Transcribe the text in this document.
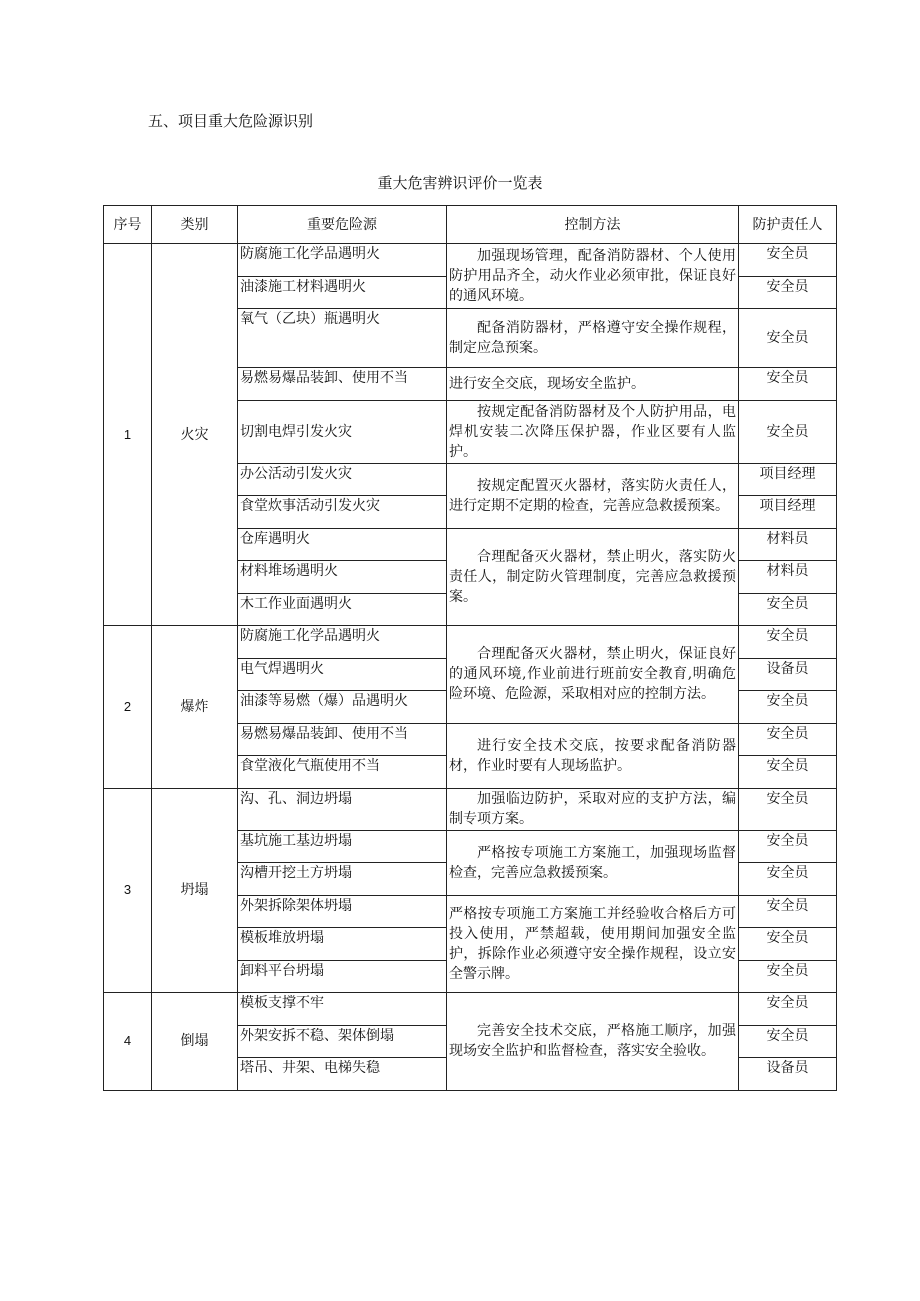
五、项目重大危险源识别
重大危害辨识评价一览表
序号	类别	重要危险源	控制方法	防护责任人
1	火灾	防腐施工化学品遇明火	加强现场管理，配备消防器材、个人使用防护用品齐全，动火作业必须审批，保证良好的通风环境。	安全员
		油漆施工材料遇明火		安全员
		氧气（乙块）瓶遇明火	配备消防器材，严格遵守安全操作规程，制定应急预案。	安全员
		易燃易爆品装卸、使用不当	进行安全交底，现场安全监护。	安全员
		切割电焊引发火灾	按规定配备消防器材及个人防护用品，电焊机安装二次降压保护器，作业区要有人监护。	安全员
		办公活动引发火灾	按规定配置灭火器材，落实防火责任人，进行定期不定期的检查，完善应急救援预案。	项目经理
		食堂炊事活动引发火灾		项目经理
		仓库遇明火	合理配备灭火器材，禁止明火，落实防火责任人，制定防火管理制度，完善应急救援预案。	材料员
		材料堆场遇明火		材料员
		木工作业面遇明火		安全员
2	爆炸	防腐施工化学品遇明火	合理配备灭火器材，禁止明火，保证良好的通风环境,作业前进行班前安全教育,明确危险环境、危险源，采取相对应的控制方法。	安全员
		电气焊遇明火		设备员
		油漆等易燃（爆）品遇明火		安全员
		易燃易爆品装卸、使用不当	进行安全技术交底，按要求配备消防器材，作业时要有人现场监护。	安全员
		食堂液化气瓶使用不当		安全员
3	坍塌	沟、孔、洞边坍塌	加强临边防护，采取对应的支护方法，编制专项方案。	安全员
		基坑施工基边坍塌	严格按专项施工方案施工，加强现场监督检查，完善应急救援预案。	安全员
		沟槽开挖土方坍塌		安全员
		外架拆除架体坍塌	严格按专项施工方案施工并经验收合格后方可投入使用，严禁超载，使用期间加强安全监护，拆除作业必须遵守安全操作规程，设立安全警示牌。	安全员
		模板堆放坍塌		安全员
		卸料平台坍塌		安全员
4	倒塌	模板支撑不牢	完善安全技术交底，严格施工顺序，加强现场安全监护和监督检查，落实安全验收。	安全员
		外架安拆不稳、架体倒塌		安全员
		塔吊、井架、电梯失稳		设备员
